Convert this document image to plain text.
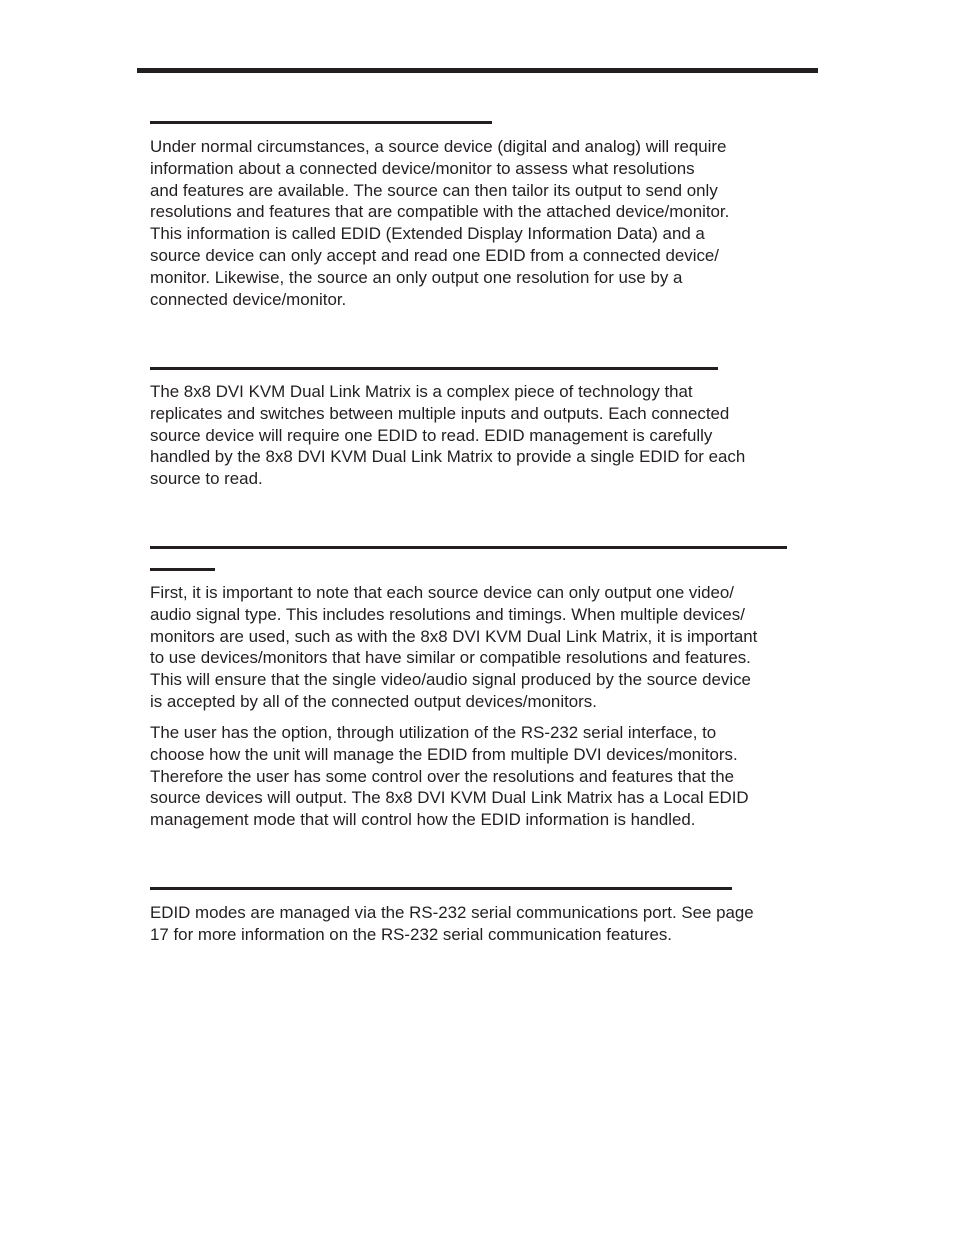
Under normal circumstances, a source device (digital and analog) will require
information about a connected device/monitor to assess what resolutions
and features are available. The source can then tailor its output to send only
resolutions and features that are compatible with the attached device/monitor.
This information is called EDID (Extended Display Information Data) and a
source device can only accept and read one EDID from a connected device/
monitor. Likewise, the source an only output one resolution for use by a
connected device/monitor.

The 8x8 DVI KVM Dual Link Matrix is a complex piece of technology that
replicates and switches between multiple inputs and outputs. Each connected
source device will require one EDID to read. EDID management is carefully
handled by the 8x8 DVI KVM Dual Link Matrix to provide a single EDID for each
source to read.

First, it is important to note that each source device can only output one video/
audio signal type. This includes resolutions and timings. When multiple devices/
monitors are used, such as with the 8x8 DVI KVM Dual Link Matrix, it is important
to use devices/monitors that have similar or compatible resolutions and features.
This will ensure that the single video/audio signal produced by the source device
is accepted by all of the connected output devices/monitors.

The user has the option, through utilization of the RS-232 serial interface, to
choose how the unit will manage the EDID from multiple DVI devices/monitors.
Therefore the user has some control over the resolutions and features that the
source devices will output. The 8x8 DVI KVM Dual Link Matrix has a Local EDID
management mode that will control how the EDID information is handled.

EDID modes are managed via the RS-232 serial communications port. See page
17 for more information on the RS-232 serial communication features.
